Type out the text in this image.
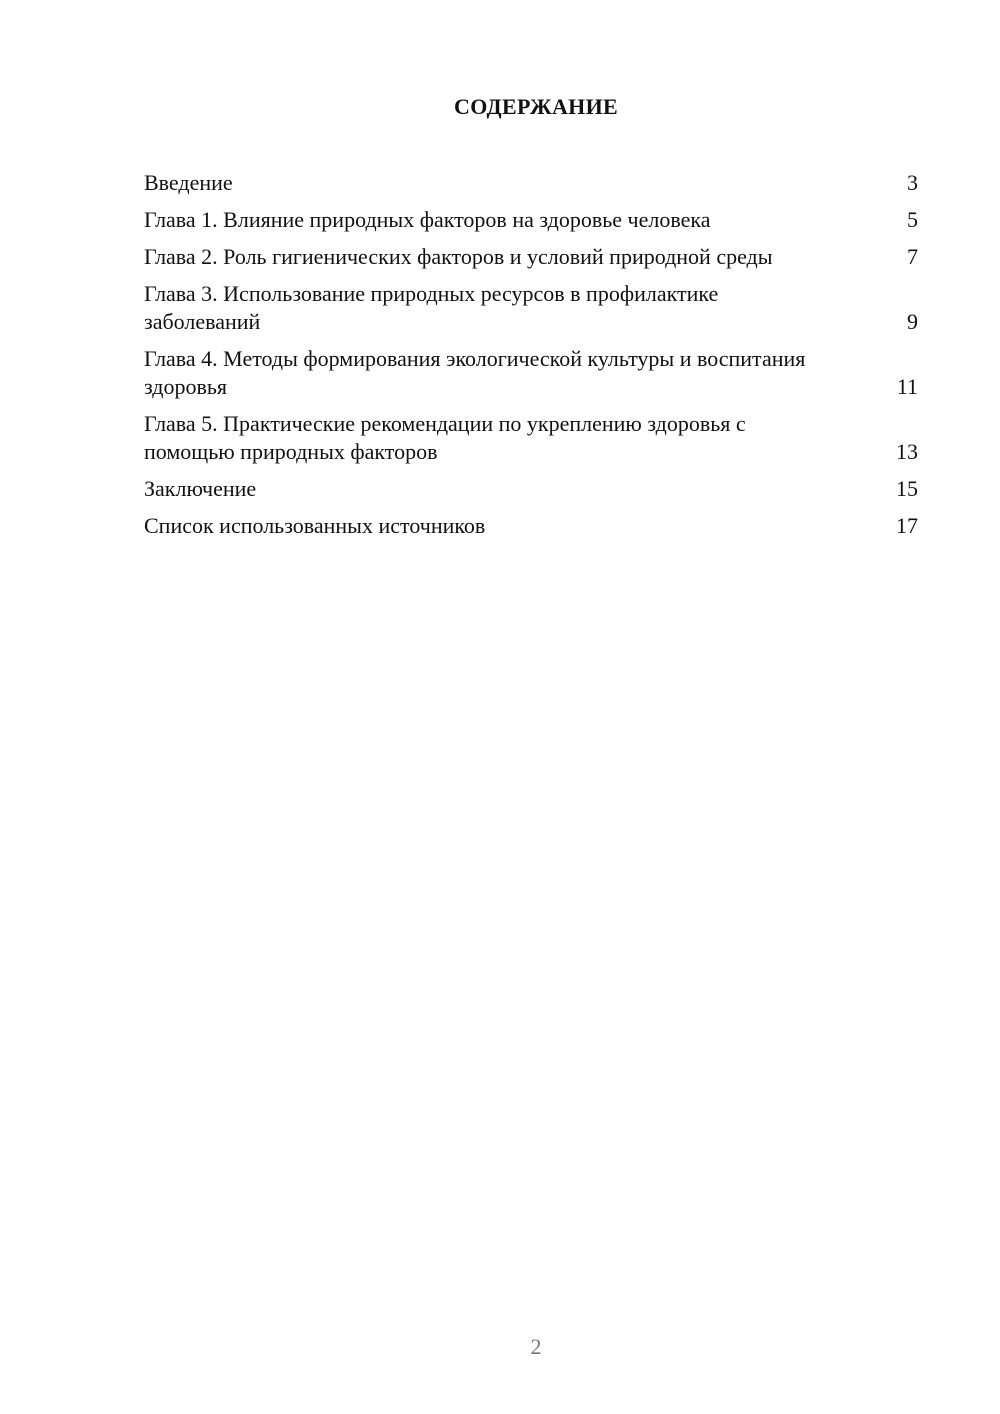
СОДЕРЖАНИЕ
Введение	3
Глава 1. Влияние природных факторов на здоровье человека	5
Глава 2. Роль гигиенических факторов и условий природной среды	7
Глава 3. Использование природных ресурсов в профилактике заболеваний	9
Глава 4. Методы формирования экологической культуры и воспитания здоровья	11
Глава 5. Практические рекомендации по укреплению здоровья с помощью природных факторов	13
Заключение	15
Список использованных источников	17
2
